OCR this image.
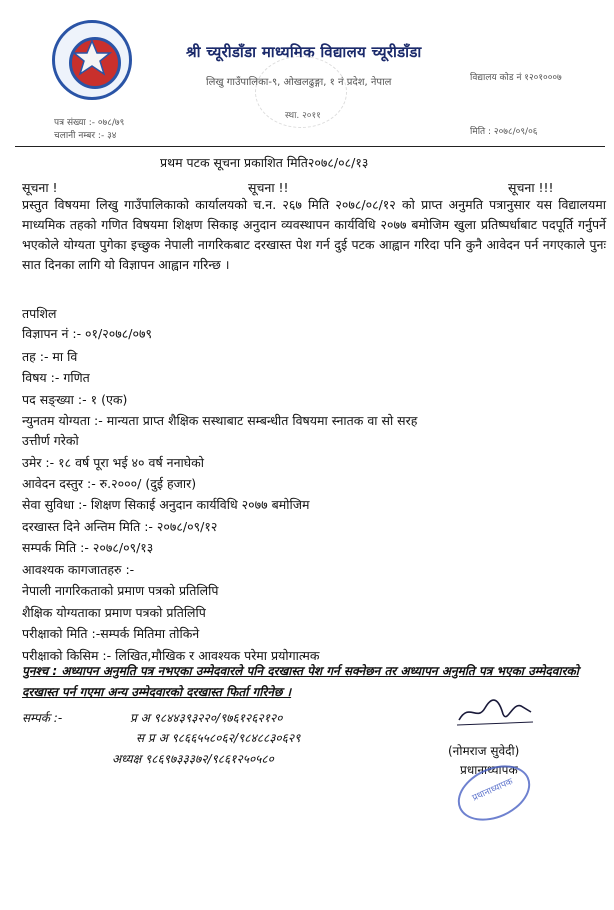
श्री च्यूरीडाँडा माध्यमिक विद्यालय च्यूरीडाँडा
लिखु गाउँपालिका-९, ओखलढुङ्गा, १ नं प्रदेश, नेपाल
स्था. २०११
विद्यालय कोड नं १२०१०००७
पत्र संख्या :- ०७८/७९
चलानी नम्बर :- ३४	मिति : २०७८/०९/०६
प्रथम पटक सूचना प्रकाशित मिति२०७८/०८/१३
सूचना !	सूचना !!	सूचना !!!

प्रस्तुत विषयमा लिखु गाउँपालिकाको कार्यालयको च.न. २६७ मिति २०७८/०८/१२ को प्राप्त अनुमति पत्रानुसार यस विद्यालयमा माध्यमिक तहको गणित विषयमा शिक्षण सिकाइ अनुदान व्यवस्थापन कार्यविधि २०७७ बमोजिम खुला प्रतिष्पर्धाबाट पदपूर्ति गर्नुपर्ने भएकोले योग्यता पुगेका इच्छुक नेपाली नागरिकबाट दरखास्त पेश गर्न दुई पटक आह्वान गरिदा पनि कुनै आवेदन पर्न नगएकाले पुनः सात दिनका लागि यो विज्ञापन आह्वान गरिन्छ ।

तपशिल
विज्ञापन नं :- ०१/२०७८/०७९
तह :- मा वि
विषय :- गणित
पद सङ्ख्या :- १ (एक)
न्युनतम योग्यता :- मान्यता प्राप्त शैक्षिक सस्थाबाट सम्बन्धीत विषयमा स्नातक वा सो सरह
उत्तीर्ण गरेको
उमेर :- १८ वर्ष पूरा भई ४० वर्ष ननाघेको
आवेदन दस्तुर :- रु.२०००/ (दुई हजार)
सेवा सुविधा :- शिक्षण सिकाई अनुदान कार्यविधि २०७७ बमोजिम
दरखास्त दिने अन्तिम मिति :- २०७८/०९/१२
सम्पर्क मिति :- २०७८/०९/१३
आवश्यक कागजातहरु :-
नेपाली नागरिकताको प्रमाण पत्रको प्रतिलिपि
शैक्षिक योग्यताका प्रमाण पत्रको प्रतिलिपि
परीक्षाको मिति :-सम्पर्क मितिमा तोकिने
परीक्षाको किसिम :- लिखित,मौखिक र आवश्यक परेमा प्रयोगात्मक
पुनश्च : अध्यापन अनुमति पत्र नभएका उम्मेदवारले पनि दरखास्त पेश गर्न सक्नेछन तर अध्यापन अनुमति पत्र भएका उम्मेदवारको दरखास्त पर्न गएमा अन्य उम्मेदवारको दरखास्त फिर्ता गरिनेछ ।
सम्पर्क :-	प्र अ ९८४४३९३२२०/९७६१२६२१२०
स प्र अ ९८६६५५८०६२/९८४८८३०६२९
अध्यक्ष ९८६९७३३३७२/९८६१२५०५८०
(नोमराज सुवेदी)
प्रधानाध्यापक
प्रधानाध्यापक
